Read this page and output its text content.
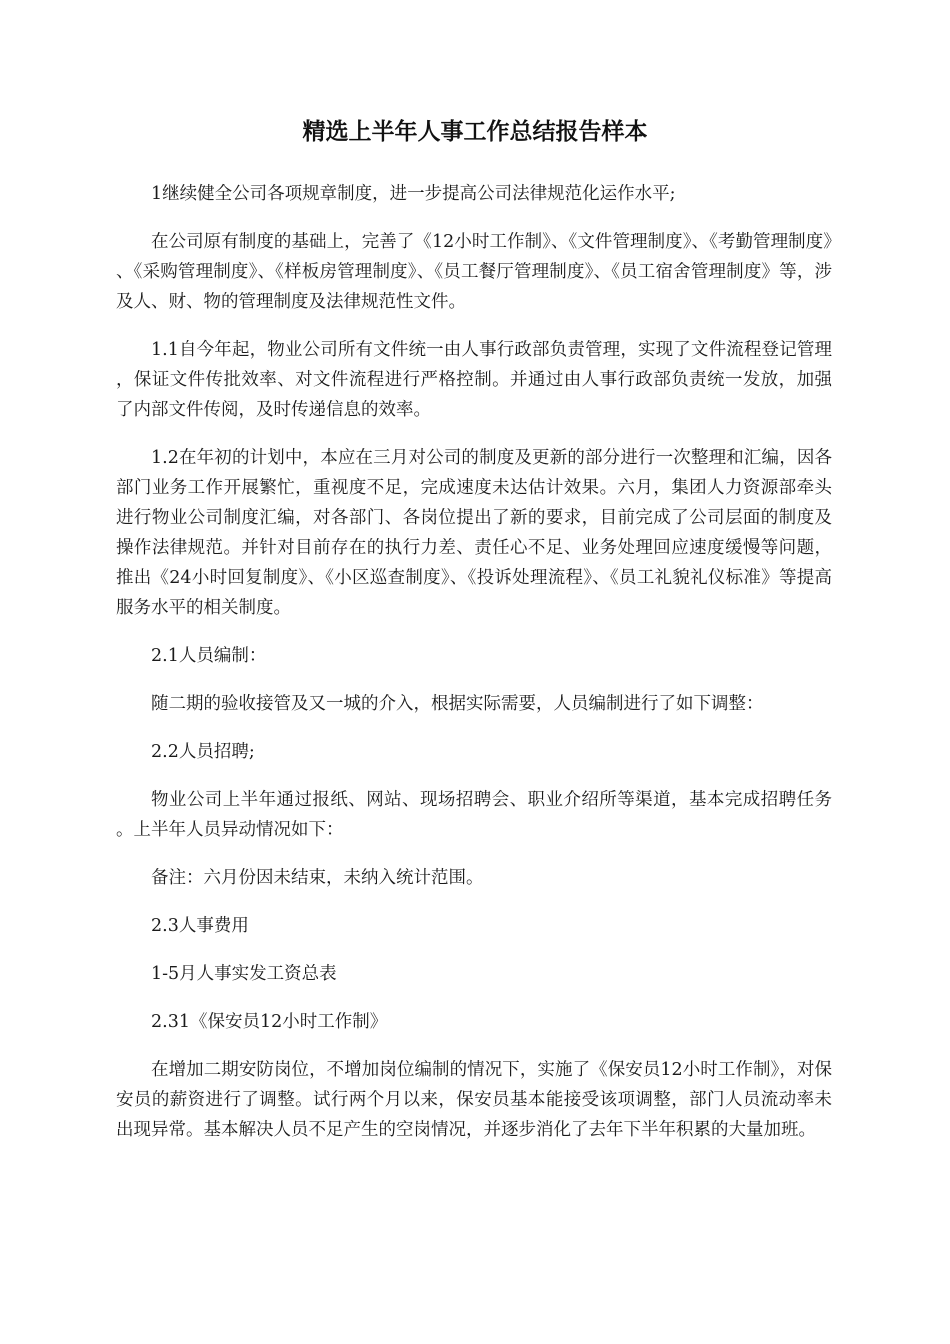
精选上半年人事工作总结报告样本

1继续健全公司各项规章制度，进一步提高公司法律规范化运作水平;

在公司原有制度的基础上，完善了《12小时工作制》、《文件管理制度》、《考勤管理制度》、《采购管理制度》、《样板房管理制度》、《员工餐厅管理制度》、《员工宿舍管理制度》等，涉及人、财、物的管理制度及法律规范性文件。

1.1自今年起，物业公司所有文件统一由人事行政部负责管理，实现了文件流程登记管理，保证文件传批效率、对文件流程进行严格控制。并通过由人事行政部负责统一发放，加强了内部文件传阅，及时传递信息的效率。

1.2在年初的计划中，本应在三月对公司的制度及更新的部分进行一次整理和汇编，因各部门业务工作开展繁忙，重视度不足，完成速度未达估计效果。六月，集团人力资源部牵头进行物业公司制度汇编，对各部门、各岗位提出了新的要求，目前完成了公司层面的制度及操作法律规范。并针对目前存在的执行力差、责任心不足、业务处理回应速度缓慢等问题，推出《24小时回复制度》、《小区巡查制度》、《投诉处理流程》、《员工礼貌礼仪标准》等提高服务水平的相关制度。

2.1人员编制：

随二期的验收接管及又一城的介入，根据实际需要，人员编制进行了如下调整：

2.2人员招聘;

物业公司上半年通过报纸、网站、现场招聘会、职业介绍所等渠道，基本完成招聘任务。上半年人员异动情况如下：

备注：六月份因未结束，未纳入统计范围。

2.3人事费用

1-5月人事实发工资总表

2.31《保安员12小时工作制》

在增加二期安防岗位，不增加岗位编制的情况下，实施了《保安员12小时工作制》，对保安员的薪资进行了调整。试行两个月以来，保安员基本能接受该项调整，部门人员流动率未出现异常。基本解决人员不足产生的空岗情况，并逐步消化了去年下半年积累的大量加班。
